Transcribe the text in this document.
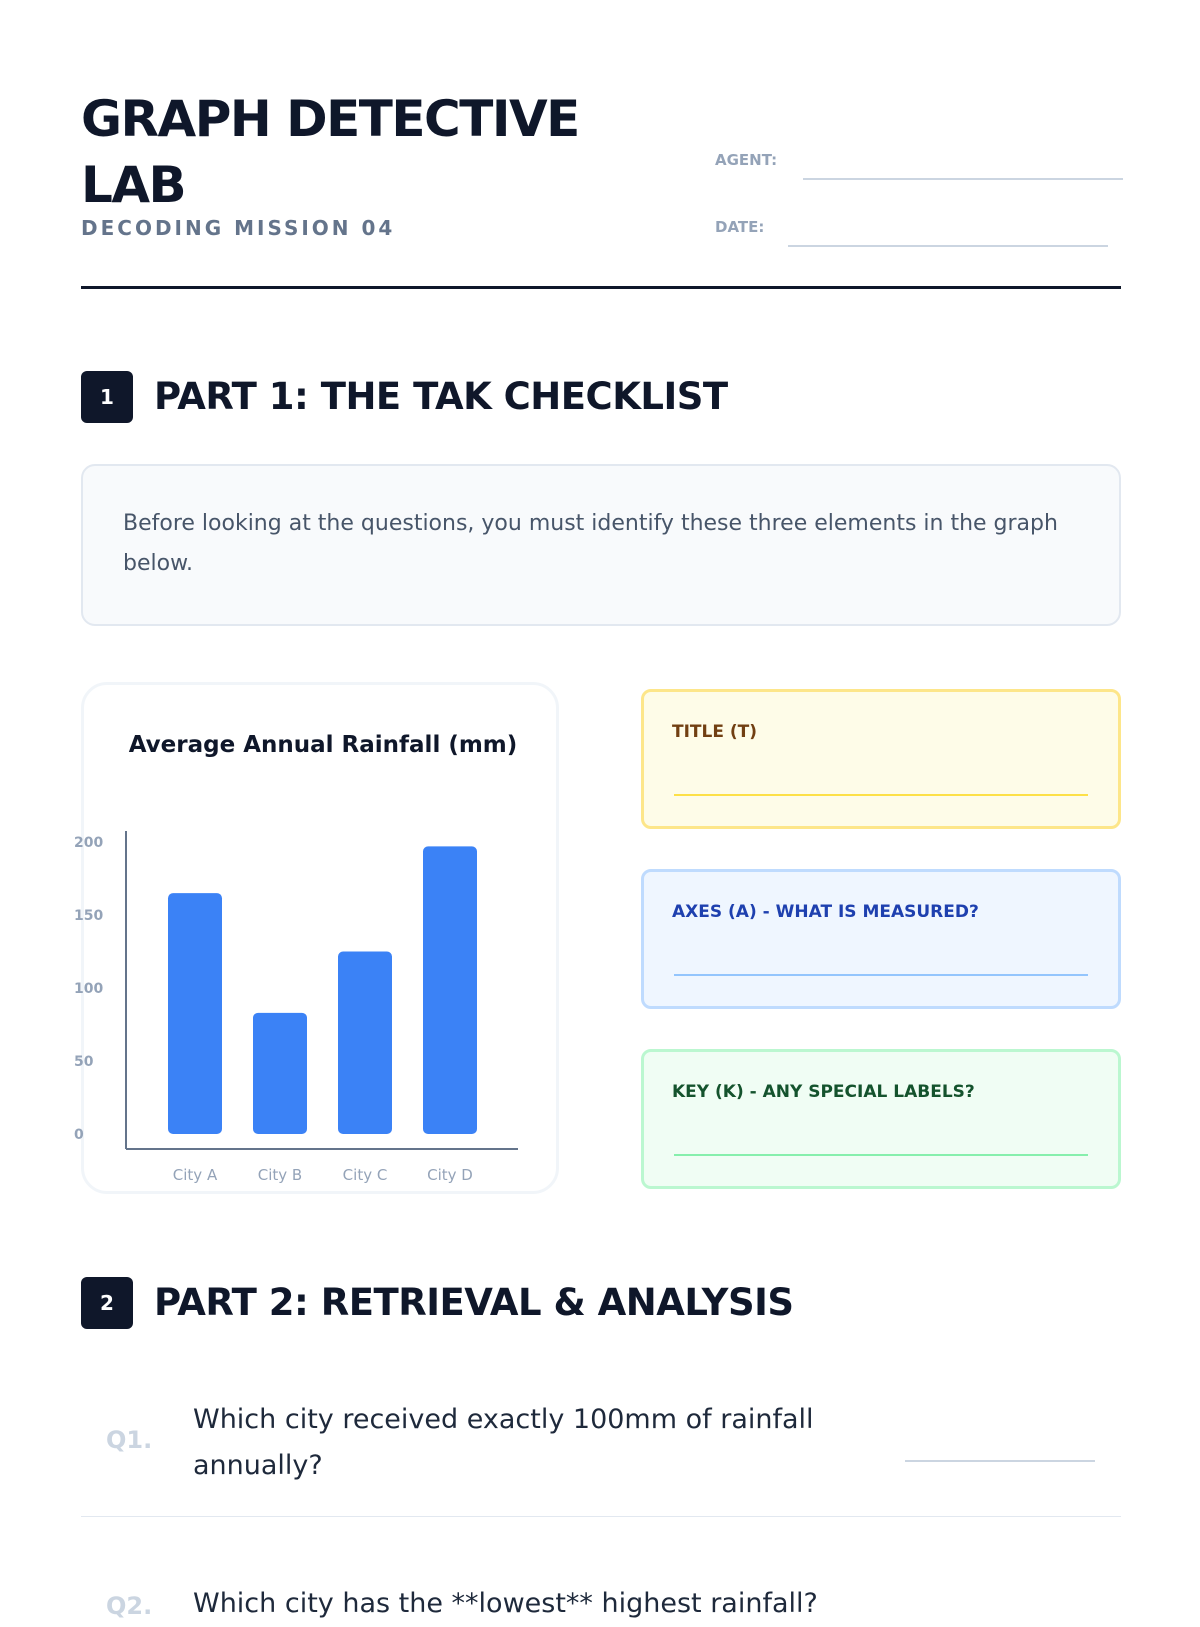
GRAPH DETECTIVE LAB
DECODING MISSION 04
AGENT:
DATE:
1	PART 1: THE TAK CHECKLIST
Before looking at the questions, you must identify these three elements in the graph below.
Average Annual Rainfall (mm)
200
150
100
50
0
City A	City B	City C	City D
TITLE (T)
AXES (A) - WHAT IS MEASURED?
KEY (K) - ANY SPECIAL LABELS?
2	PART 2: RETRIEVAL & ANALYSIS
Q1.
Which city received exactly 100mm of rainfall annually?
Q2. Which city has the **lowest** highest rainfall?
